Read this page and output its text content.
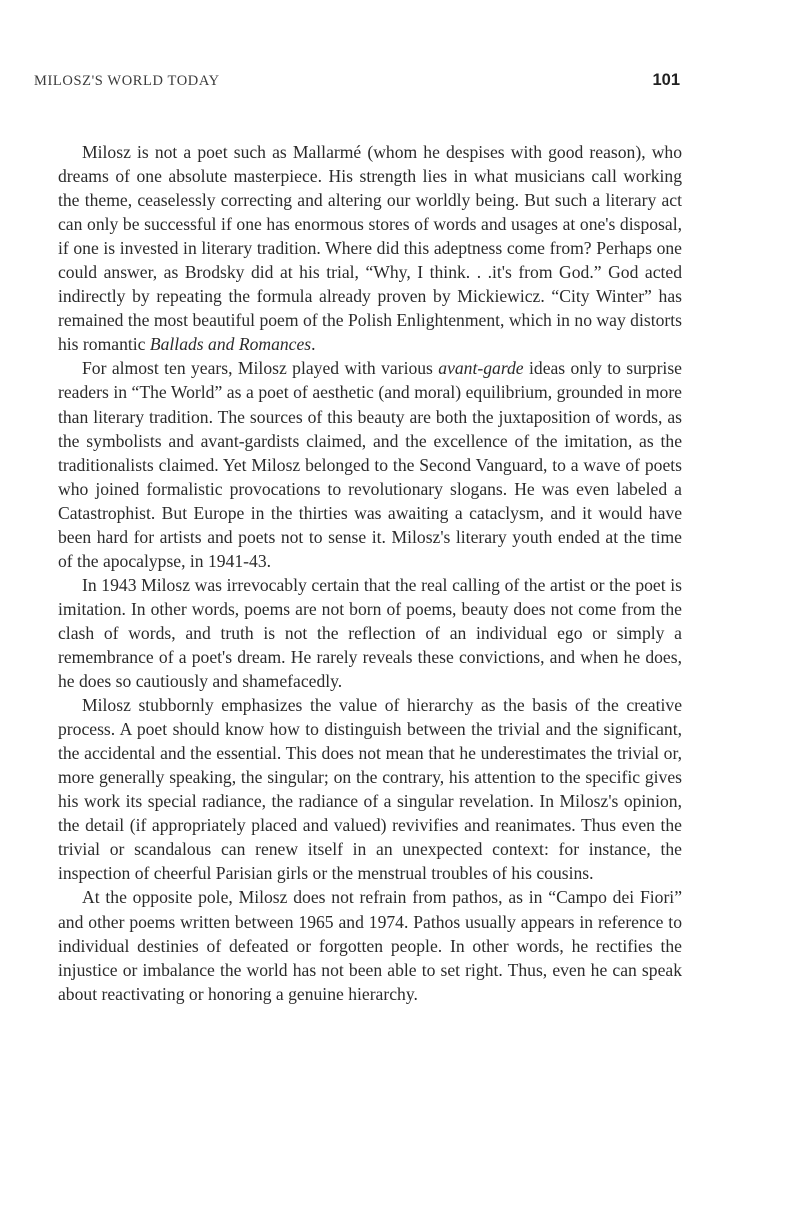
MILOSZ'S WORLD TODAY	101

Milosz is not a poet such as Mallarmé (whom he despises with good reason), who dreams of one absolute masterpiece. His strength lies in what musicians call working the theme, ceaselessly correcting and altering our worldly being. But such a literary act can only be successful if one has enormous stores of words and usages at one's disposal, if one is invested in literary tradition. Where did this adeptness come from? Perhaps one could answer, as Brodsky did at his trial, “Why, I think. . .it's from God.” God acted indirectly by repeating the formula already proven by Mickiewicz. “City Winter” has remained the most beautiful poem of the Polish Enlightenment, which in no way distorts his romantic Ballads and Romances.

For almost ten years, Milosz played with various avant-garde ideas only to surprise readers in “The World” as a poet of aesthetic (and moral) equilibrium, grounded in more than literary tradition. The sources of this beauty are both the juxtaposition of words, as the symbolists and avant-gardists claimed, and the excellence of the imitation, as the traditionalists claimed. Yet Milosz belonged to the Second Vanguard, to a wave of poets who joined formalistic provocations to revolutionary slogans. He was even labeled a Catastrophist. But Europe in the thirties was awaiting a cataclysm, and it would have been hard for artists and poets not to sense it. Milosz's literary youth ended at the time of the apocalypse, in 1941-43.

In 1943 Milosz was irrevocably certain that the real calling of the artist or the poet is imitation. In other words, poems are not born of poems, beauty does not come from the clash of words, and truth is not the reflection of an individual ego or simply a remembrance of a poet's dream. He rarely reveals these convictions, and when he does, he does so cautiously and shamefacedly.

Milosz stubbornly emphasizes the value of hierarchy as the basis of the creative process. A poet should know how to distinguish between the trivial and the significant, the accidental and the essential. This does not mean that he underestimates the trivial or, more generally speaking, the singular; on the contrary, his attention to the specific gives his work its special radiance, the radiance of a singular revelation. In Milosz's opinion, the detail (if appropriately placed and valued) revivifies and reanimates. Thus even the trivial or scandalous can renew itself in an unexpected context: for instance, the inspection of cheerful Parisian girls or the menstrual troubles of his cousins.

At the opposite pole, Milosz does not refrain from pathos, as in “Campo dei Fiori” and other poems written between 1965 and 1974. Pathos usually appears in reference to individual destinies of defeated or forgotten people. In other words, he rectifies the injustice or imbalance the world has not been able to set right. Thus, even he can speak about reactivating or honoring a genuine hierarchy.
